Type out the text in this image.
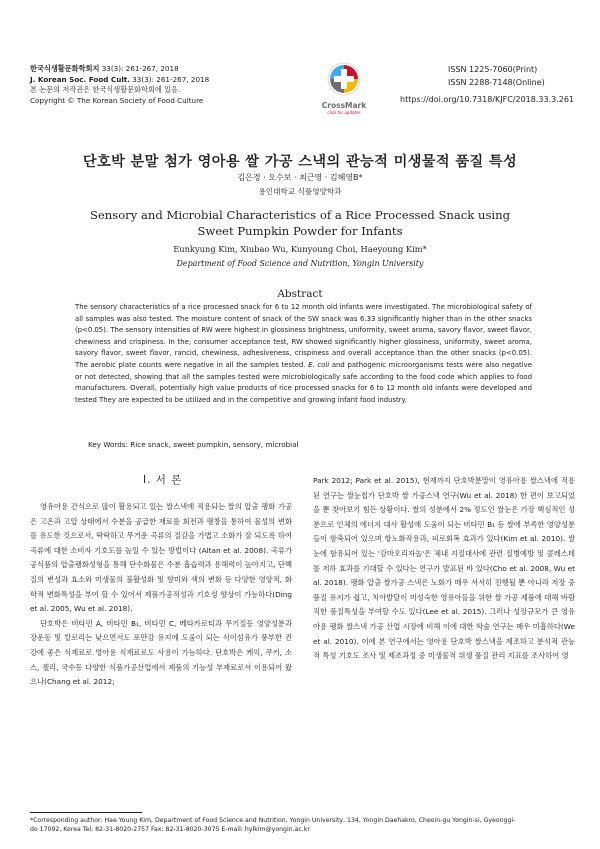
한국식생활문화학회지 33(3): 261-267, 2018
J. Korean Soc. Food Cult. 33(3): 261-267, 2018
본 논문의 저작권은 한국식생활문화학회에 있음.
Copyright © The Korean Society of Food Culture
CrossMark
click for updates
ISSN 1225-7060(Print)
ISSN 2288-7148(Online)
https://doi.org/10.7318/KJFC/2018.33.3.261
단호박 분말 첨가 영아용 쌀 가공 스낵의 관능적 미생물적 품질 특성
김은경 · 오수보 · 최근영 · 김혜영B*
용인대학교 식품영양학과
Sensory and Microbial Characteristics of a Rice Processed Snack using
Sweet Pumpkin Powder for Infants
Eunkyung Kim, Xiubao Wu, Kunyoung Choi, Haeyoung Kim*
Department of Food Science and Nutrition, Yongin University
Abstract
The sensory characteristics of a rice processed snack for 6 to 12 month old infants were investigated. The microbiological safety of all samples was also tested. The moisture content of snack of the SW snack was 6.33 significantly higher than in the other snacks (p<0.05). The sensory intensities of RW were highest in glossiness brightness, uniformity, sweet aroma, savory flavor, sweet flavor, chewiness and crispiness. In the; consumer acceptance test, RW showed significantly higher glossiness, uniformity, sweet aroma, savory flavor, sweet flavor, rancid, chewiness, adhesiveness, crispiness and overall acceptance than the other snacks (p<0.05). The aerobic plate counts were negative in all the samples tested. E. coli and pathogenic microorganisms tests were also negative or not detected, showing that all the samples tested were microbiologically safe according to the food code which applies to food manufacturers. Overall, potentially high value products of rice processed snacks for 6 to 12 month old infants were developed and tested They are expected to be utilized and in the competitive and growing infant food industry.
Key Words: Rice snack, sweet pumpkin, sensory, microbial
I. 서 론

영유아용 간식으로 많이 활용되고 있는 쌀스낵에 적용되는 쌀의 압출 팽화 가공은 고온과 고압 상태에서 수분을 공급한 재료를 회전과 팽창을 통하여 물성의 변화를 유도한 것으로서, 딱딱하고 무거운 곡류의 질감을 가볍고 소화가 잘 되도록 하여 곡류에 대한 소비자 기호도를 높일 수 있는 방법이다 (Altan et al. 2008). 곡류가공식품의 압출팽화성형을 통해 단수화물은 수분 흡습력과 용해력이 높아지고, 단백질의 변성과 효소와 미생물의 불활성화 및 향미와 색의 변화 등 다양한 영양적, 화학적 변화특성을 부여 할 수 있어서 제품가공적성과 기호성 향상이 가능하다(Ding et al. 2005, Wu et al. 2018).

단호박은 비타민 A, 비타민 B₁, 비타민 C, 베타카로티과 무기질등 영양성분과 장운동 및 칼로리는 낮으면서도 포만감 유지에 도움이 되는 식이섬유가 풍부한 건강에 좋은 식재료로 영아용 식재료로도 사용이 가능하다. 단호박은 케익, 쿠키, 소스, 젤리, 국수등 다양한 식품가공산업에서 제품의 기능성 부재료로서 이용되어 왔으나(Chang et al. 2012;

Park 2012; Park et al. 2015), 현재까지 단호박분말이 영유아용 쌀스낵에 적용된 연구는 쌀눈칩가 단호박 쌀 가공스낵 연구(Wu et al. 2018) 한 편이 보고되었을 뿐 찾아보기 힘든 상황이다. 쌀의 성분에서 2% 정도인 쌀눈은 가장 핵심적인 성분으로 인체의 에너지 대사 활성에 도움이 되는 비타민 B₁ 등 쌀에 부족한 영양성분들이 함축되어 있으며 항노화작용과, 피로회복 효과가 있다(Kim et al. 2010). 쌀눈에 함유되어 있는 '감마오리자놀'은 체내 지질대사에 관련 질병예방 및 콜레스테롤 저하 효과를 기대할 수 있다는 연구가 발표된 바 있다(Cho et al. 2008, Wu et al. 2018). 팽화 압출 쌀가공 스낵은 노화가 매우 서서히 진행될 뿐 아니라 저장 중 품질 유지가 쉽고, 치아발달이 미성숙한 영유아들을 위한 쌀 가공 제품에 대해 바람직한 품질특성을 부여할 수도 있다(Lee et al. 2015). 그러나 성장규모가 큰 영유아용 팽화 쌀스낵 가공 산업 시장에 비해 이에 대한 학술 연구는 매우 미흡하다(We et al. 2010). 이에 본 연구에서는 영아용 단호박 쌀스낵을 제조하고 분석적 관능적 특성 기호도 조사 및 제조과정 중 미생물적 위생 품질 관리 지표를 조사하여 영

*Corresponding author: Hae Young Kim, Department of Food Science and Nutrition, Yongin University, 134, Yongin Daehakro, Cheoin-gu Yongin-si, Gyeonggi-
do 17092, Korea Tel: 82-31-8020-2757 Fax: 82-31-8020-3075 E-mail: hylkim@yongin.ac.kr
